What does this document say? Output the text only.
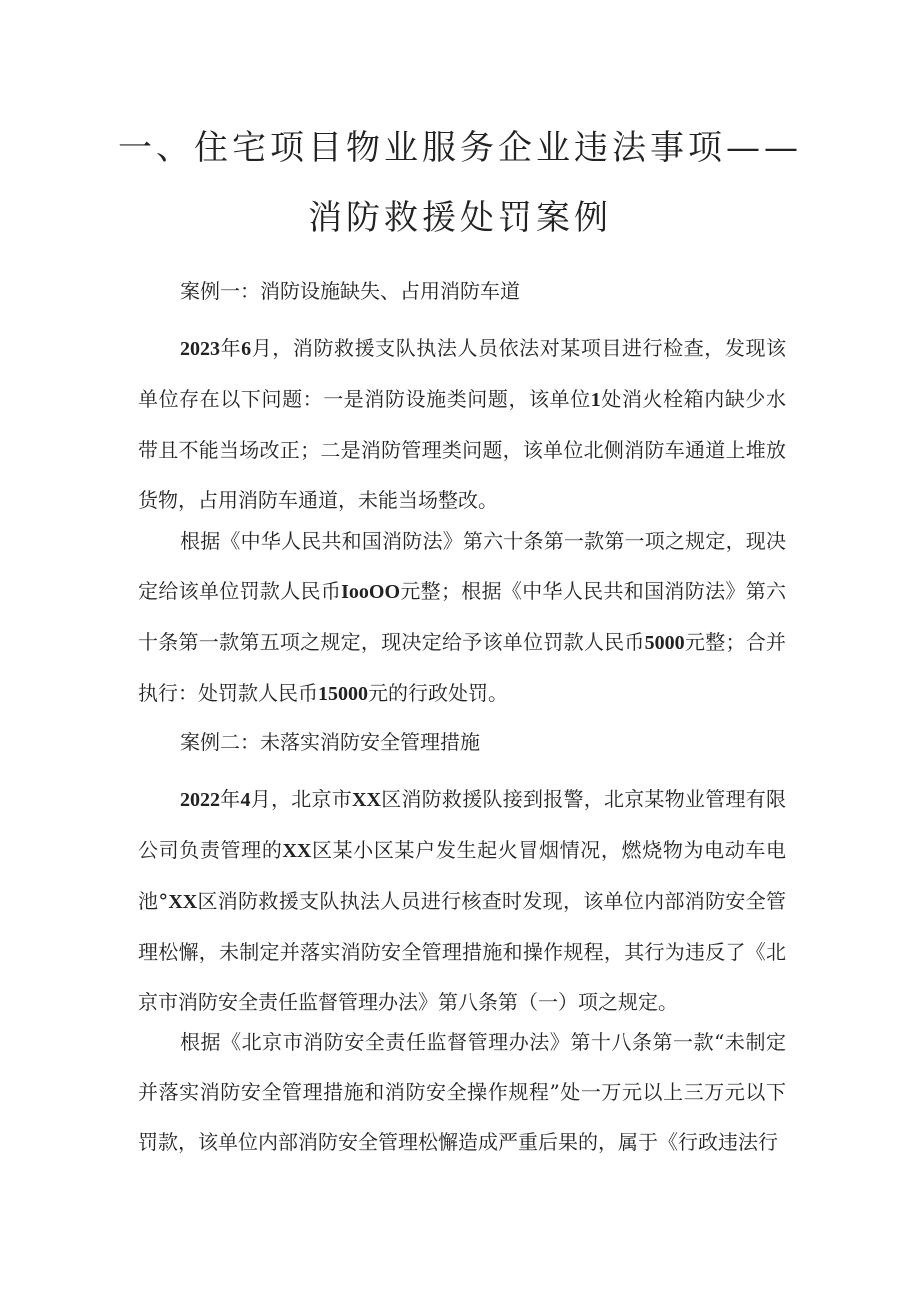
一、住宅项目物业服务企业违法事项——
消防救援处罚案例

案例一：消防设施缺失、占用消防车道

2023年6月，消防救援支队执法人员依法对某项目进行检查，发现该单位存在以下问题：一是消防设施类问题，该单位1处消火栓箱内缺少水带且不能当场改正；二是消防管理类问题，该单位北侧消防车通道上堆放货物，占用消防车通道，未能当场整改。

根据《中华人民共和国消防法》第六十条第一款第一项之规定，现决定给该单位罚款人民币IooOO元整；根据《中华人民共和国消防法》第六十条第一款第五项之规定，现决定给予该单位罚款人民币5000元整；合并执行：处罚款人民币15000元的行政处罚。

案例二：未落实消防安全管理措施

2022年4月，北京市XX区消防救援队接到报警，北京某物业管理有限公司负责管理的XX区某小区某户发生起火冒烟情况，燃烧物为电动车电池°XX区消防救援支队执法人员进行核查时发现，该单位内部消防安全管理松懈，未制定并落实消防安全管理措施和操作规程，其行为违反了《北京市消防安全责任监督管理办法》第八条第（一）项之规定。

根据《北京市消防安全责任监督管理办法》第十八条第一款“未制定并落实消防安全管理措施和消防安全操作规程”处一万元以上三万元以下罚款，该单位内部消防安全管理松懈造成严重后果的，属于《行政违法行
